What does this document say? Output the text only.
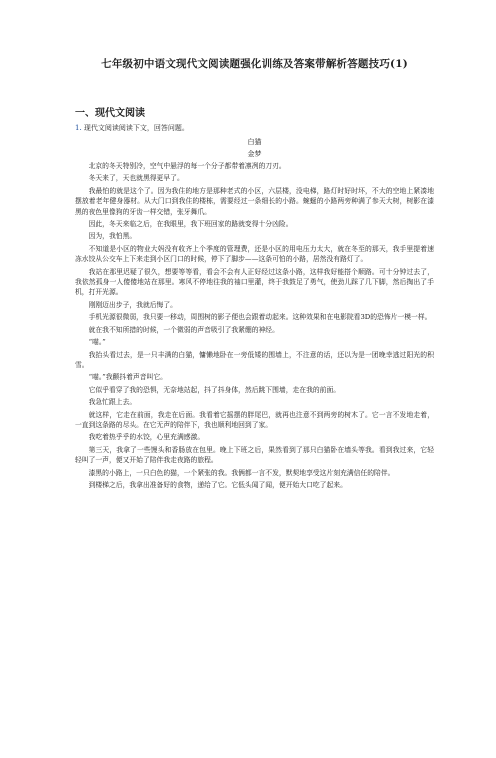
七年级初中语文现代文阅读题强化训练及答案带解析答题技巧(1)
一、现代文阅读
1. 现代文阅读阅读下文，回答问题。
白猫
金梦

北京的冬天特别冷，空气中悬浮的每一个分子都带着凛冽的刀刃。

冬天来了，天也就黑得更早了。

我最怕的就是这个了。因为我住的地方是那种老式的小区，六层楼，没电梯，路灯时好时坏，不大的空地上紧凑地摆放着老年健身器材。从大门口到我住的楼栋，需要经过一条细长的小路。蜿蜒的小路两旁种满了参天大树，树影在漆黑的夜色里像狗的牙齿一样交错，张牙舞爪。

因此，冬天来临之后，在我眼里，我下班回家的路就变得十分凶险。

因为，我怕黑。

不知道是小区的物业大妈没有收齐上个季度的管理费，还是小区的用电压力太大，就在冬至的那天，我手里提着速冻水饺从公交车上下来走到小区门口的时候，停下了脚步——这条可怕的小路，居然没有路灯了。

我站在那里迟疑了很久，想要等等看，看会不会有人正好经过这条小路，这样我好能搭个顺路。可十分钟过去了，我依然孤身一人傻傻地站在那里。寒风不停地往我的袖口里灌，终于我鼓足了勇气，使劲儿踩了几下脚，然后掏出了手机，打开光源。

刚刚迈出步子，我就后悔了。

手机光源很微弱，我只要一移动，周围树的影子便也会跟着动起来。这种效果和在电影院看3D的恐怖片一模一样。

就在我不知所措的时候，一个微弱的声音吸引了我紧绷的神经。

“喵。”

我抬头看过去，是一只丰满的白猫，慵懒地卧在一旁低矮的围墙上，不注意的话，还以为是一团晚幸逃过阳光的积雪。

“喵。”我颤抖着声音叫它。

它似乎看穿了我的恐惧，无奈地站起，抖了抖身体，然后跳下围墙，走在我的前面。

我急忙跟上去。

就这样，它走在前面，我走在后面。我看着它摇摆的胖尾巴，就再也注意不到两旁的树木了。它一言不发地走着，一直到这条路的尽头。在它无声的陪伴下，我也顺利地回到了家。

我吃着热乎乎的水饺，心里充满感激。

第三天，我拿了一些馒头和香肠放在包里。晚上下班之后，果然看到了那只白猫卧在墙头等我。看到我过来，它轻轻叫了一声，便又开始了陪伴我走夜路的旅程。

漆黑的小路上，一只白色的猫，一个紧张的我。我俩都一言不发，默契地享受这片刻充满信任的陪伴。

到楼梯之后，我拿出准备好的食物，递给了它。它低头闻了闻，便开始大口吃了起来。
